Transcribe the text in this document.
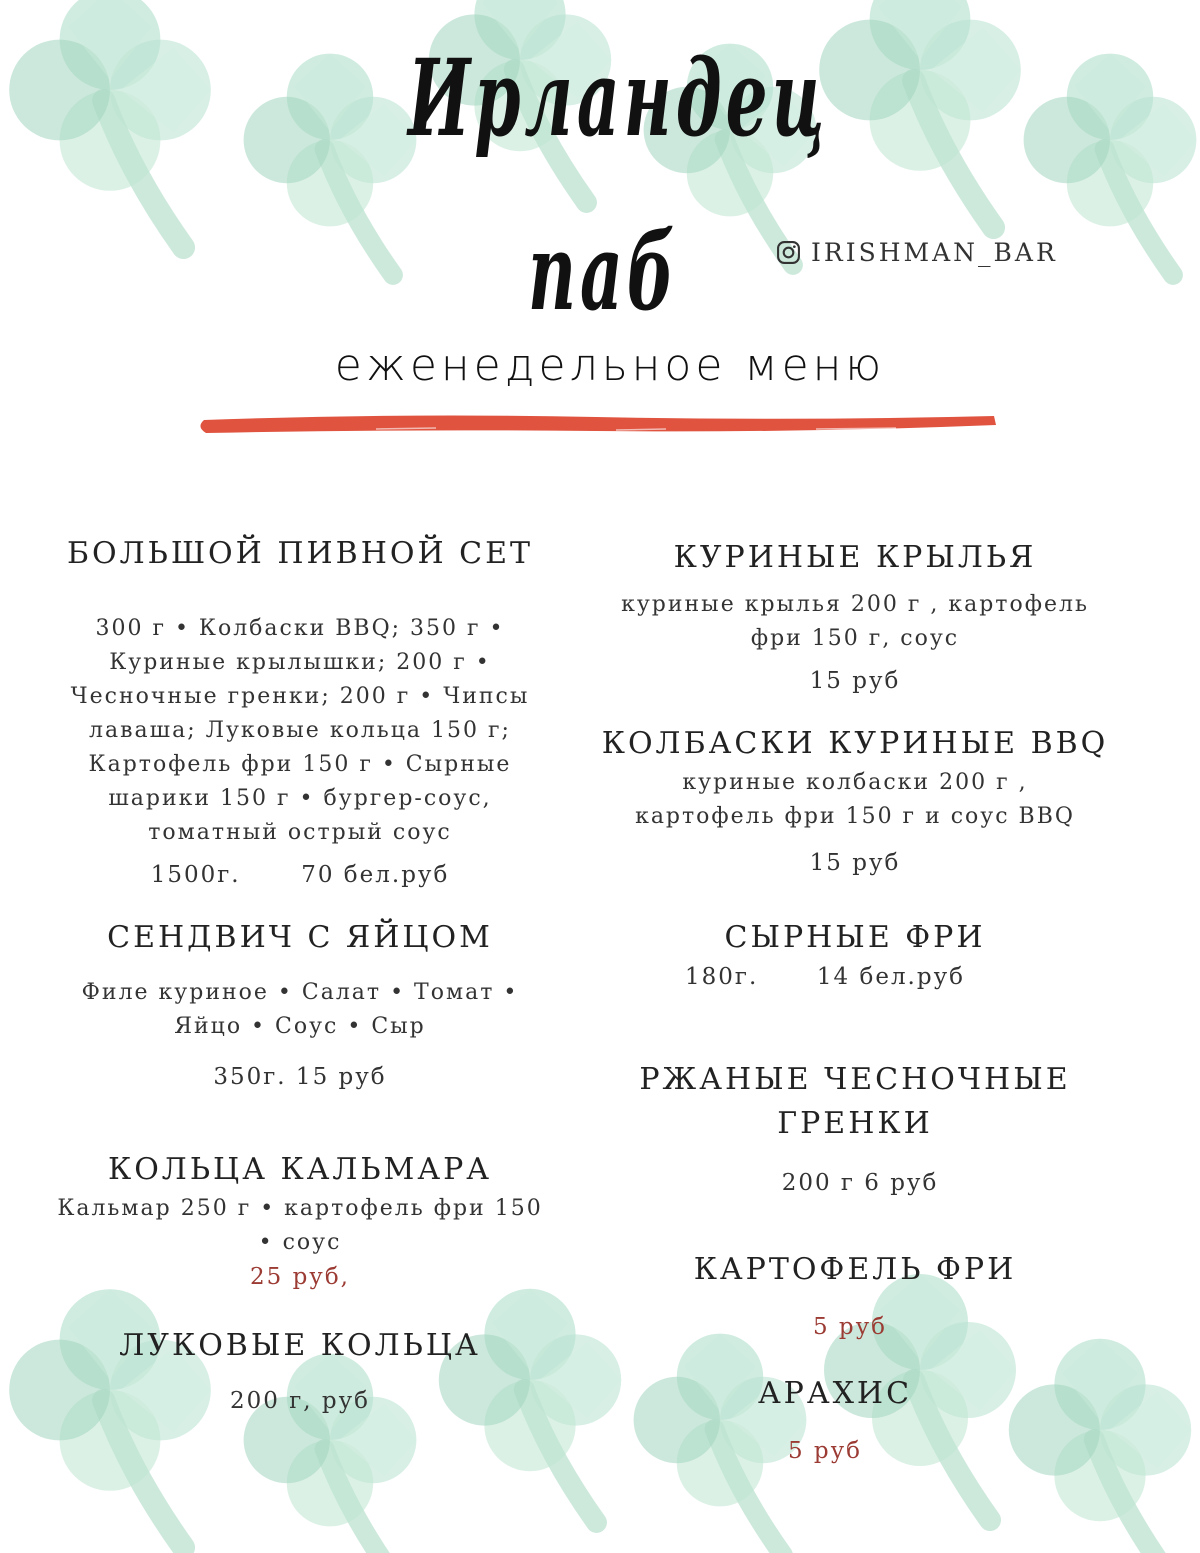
Ирландец
паб	IRISHMAN_BAR
еженедельное меню
БОЛЬШОЙ ПИВНОЙ СЕТ

300 г • Колбаски BBQ; 350 г •

Куриные крылышки; 200 г •

Чесночные гренки; 200 г • Чипсы

лаваша; Луковые кольца 150 г;

Картофель фри 150 г • Сырные

шарики 150 г • бургер-соус,

томатный острый соус

1500г.	70 бел.руб

СЕНДВИЧ С ЯЙЦОМ

Филе куриное • Салат • Томат •

Яйцо • Соус • Сыр

350г. 15 руб

КОЛЬЦА КАЛЬМАРА

Кальмар 250 г • картофель фри 150

• соус

25 руб,

ЛУКОВЫЕ КОЛЬЦА

200 г, руб

КУРИНЫЕ КРЫЛЬЯ

куриные крылья 200 г , картофель

фри 150 г, соус

15 руб

КОЛБАСКИ КУРИНЫЕ BBQ

куриные колбаски 200 г ,

картофель фри 150 г и соус BBQ

15 руб

СЫРНЫЕ ФРИ

180г.	14 бел.руб

РЖАНЫЕ ЧЕСНОЧНЫЕ
ГРЕНКИ

200 г 6 руб

КАРТОФЕЛЬ ФРИ

5 руб

АРАХИС

5 руб
